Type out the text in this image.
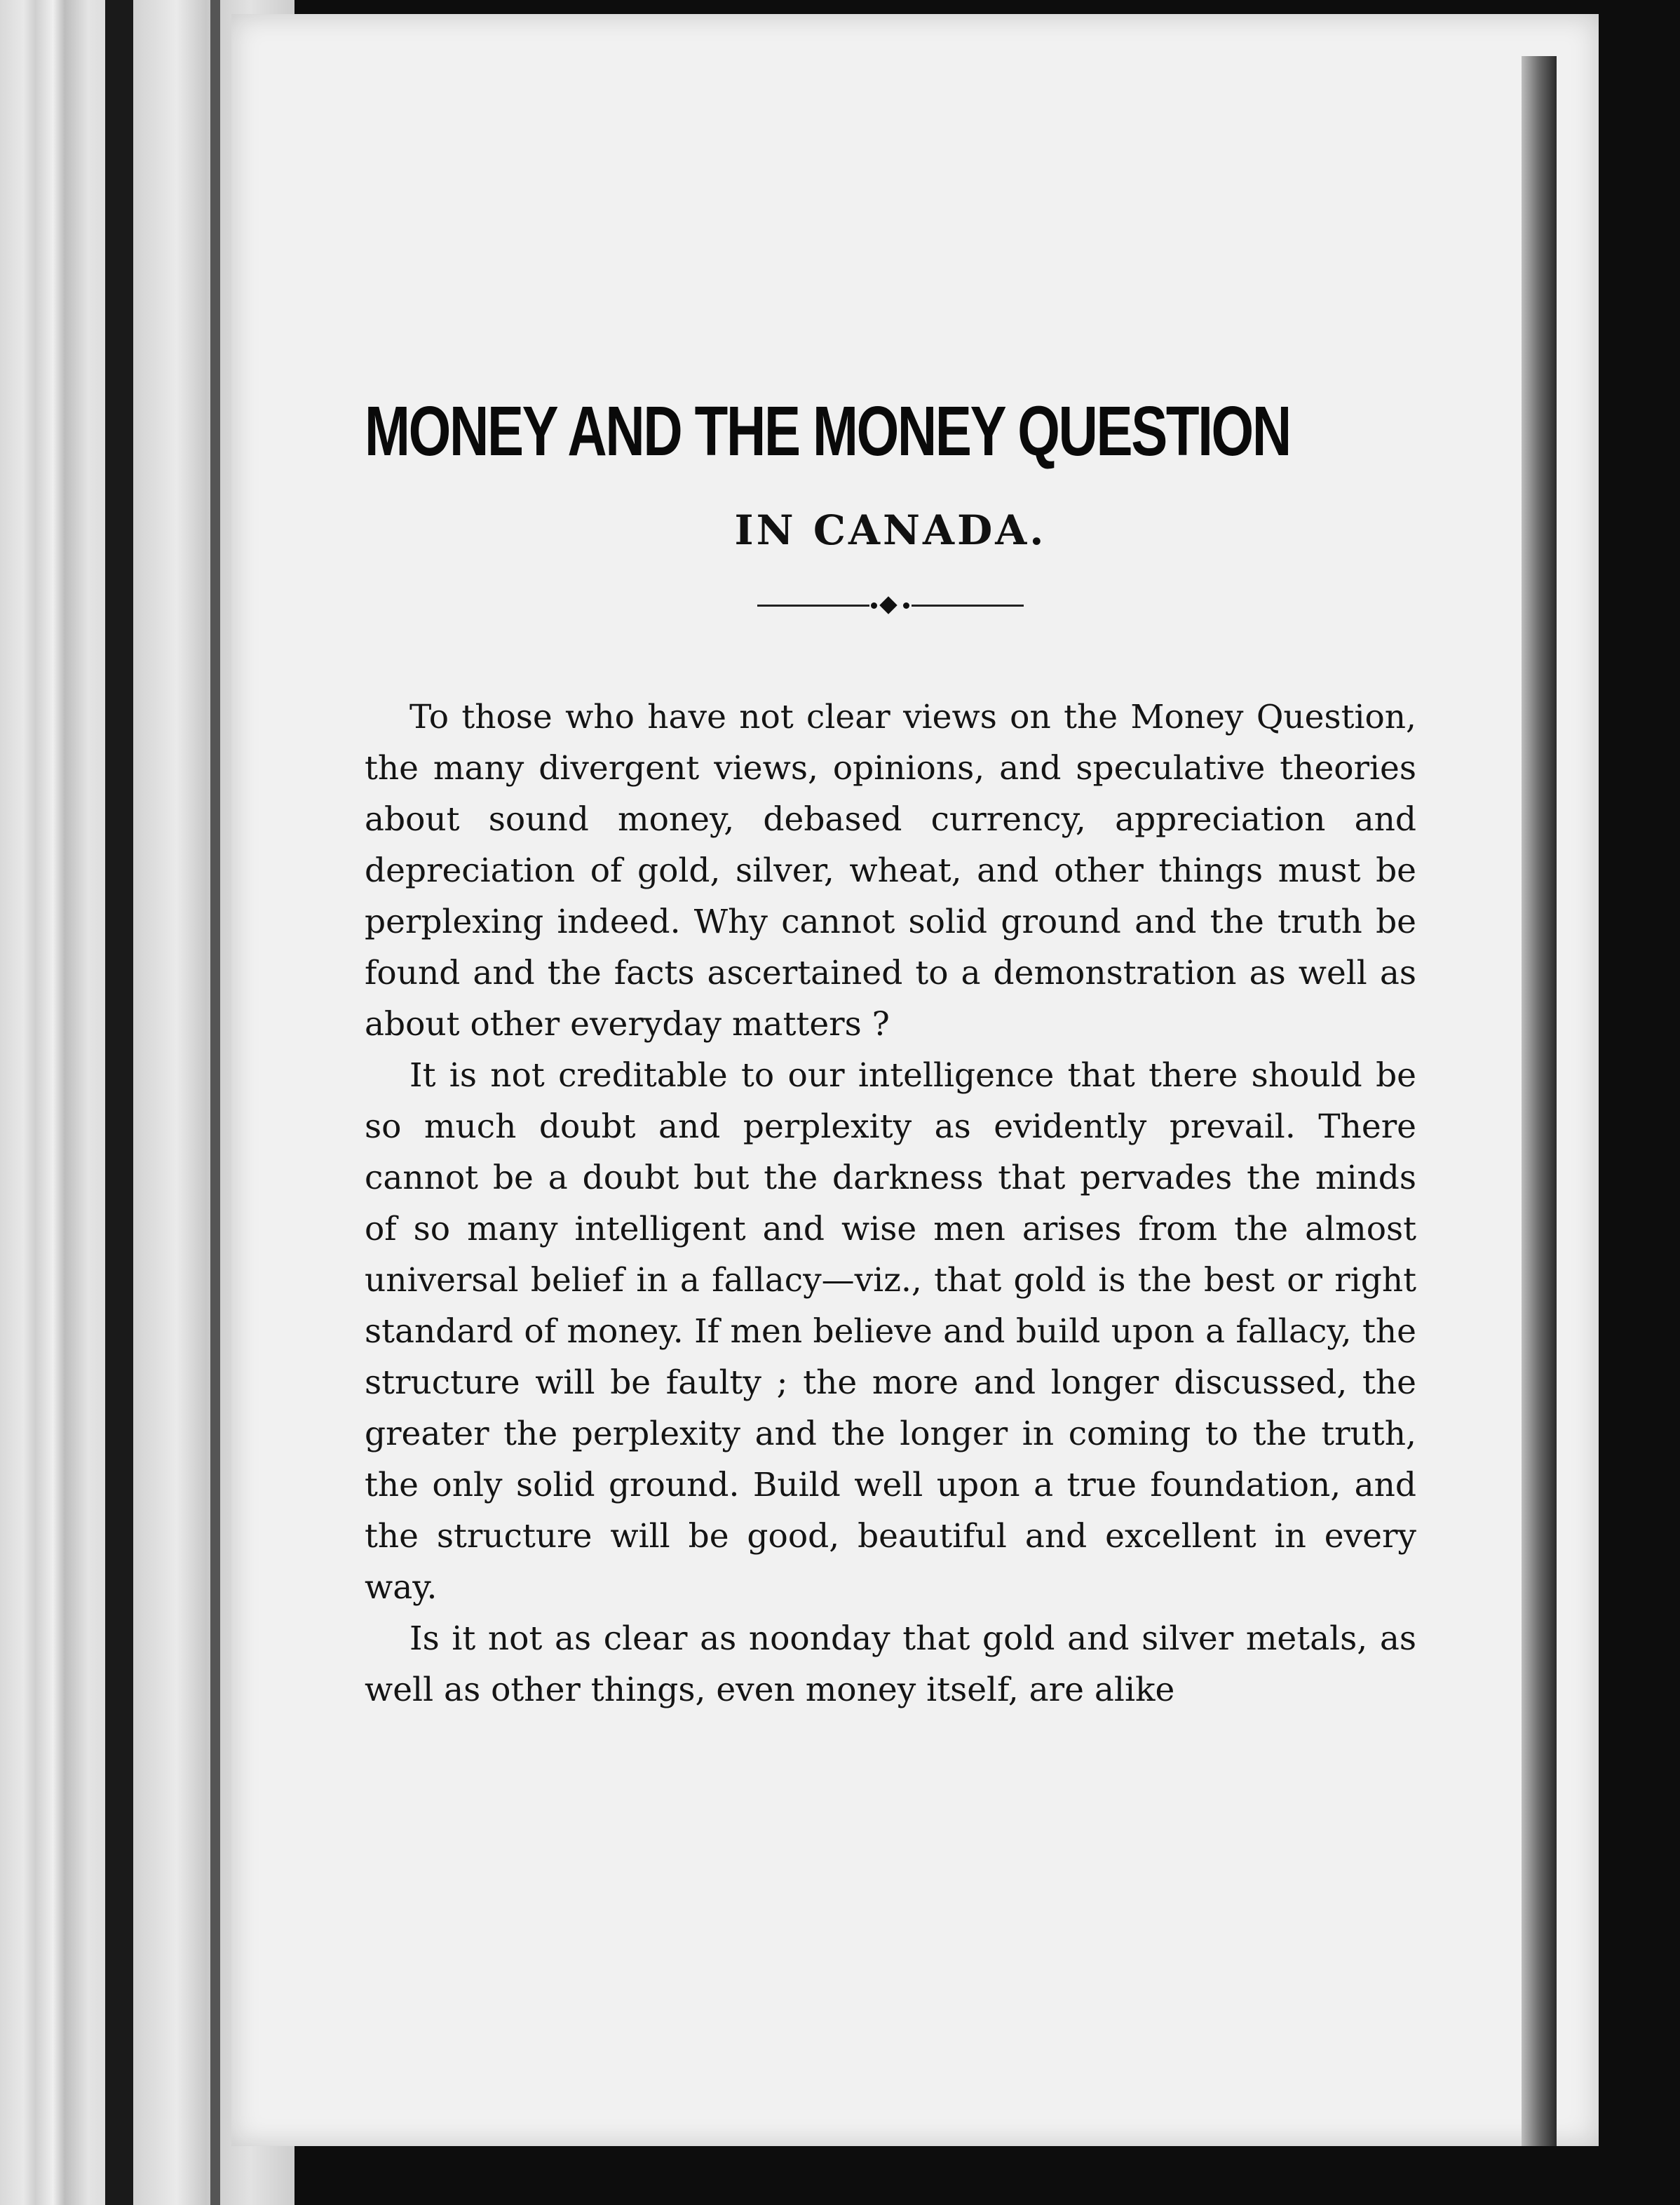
MONEY AND THE MONEY QUESTION
IN CANADA.

To those who have not clear views on the Money Question, the many divergent views, opinions, and speculative theories about sound money, debased currency, appreciation and depreciation of gold, silver, wheat, and other things must be perplexing indeed. Why cannot solid ground and the truth be found and the facts ascertained to a demonstration as well as about other everyday matters ?

It is not creditable to our intelligence that there should be so much doubt and perplexity as evidently prevail. There cannot be a doubt but the darkness that pervades the minds of so many intelligent and wise men arises from the almost universal belief in a fallacy—viz., that gold is the best or right standard of money. If men believe and build upon a fallacy, the structure will be faulty ; the more and longer discussed, the greater the perplexity and the longer in coming to the truth, the only solid ground. Build well upon a true foundation, and the structure will be good, beautiful and excellent in every way.

Is it not as clear as noonday that gold and silver metals, as well as other things, even money itself, are alike
